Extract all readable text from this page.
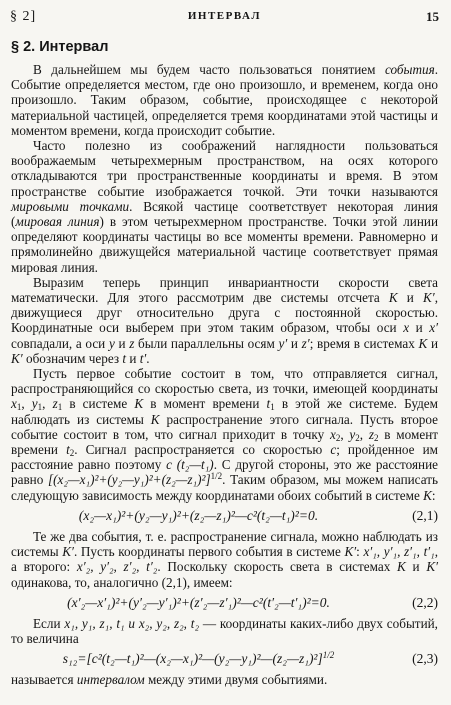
§ 2]	ИНТЕРВАЛ	15
§ 2. Интервал

В дальнейшем мы будем часто пользоваться понятием события. Событие определяется местом, где оно произошло, и временем, когда оно произошло. Таким образом, событие, происходящее с некоторой материальной частицей, определяется тремя координатами этой частицы и моментом времени, когда происходит событие.

Часто полезно из соображений наглядности пользоваться воображаемым четырехмерным пространством, на осях которого откладываются три пространственные координаты и время. В этом пространстве событие изображается точкой. Эти точки называются мировыми точками. Всякой частице соответствует некоторая линия (мировая линия) в этом четырехмерном пространстве. Точки этой линии определяют координаты частицы во все моменты времени. Равномерно и прямолинейно движущейся материальной частице соответствует прямая мировая линия.

Выразим теперь принцип инвариантности скорости света математически. Для этого рассмотрим две системы отсчета K и K′, движущиеся друг относительно друга с постоянной скоростью. Координатные оси выберем при этом таким образом, чтобы оси x и x′ совпадали, а оси y и z были параллельны осям y′ и z′; время в системах K и K′ обозначим через t и t′.

Пусть первое событие состоит в том, что отправляется сигнал, распространяющийся со скоростью света, из точки, имеющей координаты $x_1$, $y_1$, $z_1$ в системе K в момент времени $t_1$ в этой же системе. Будем наблюдать из системы K распространение этого сигнала. Пусть второе событие состоит в том, что сигнал приходит в точку $x_2$, $y_2$, $z_2$ в момент времени $t_2$. Сигнал распространяется со скоростью c; пройденное им расстояние равно поэтому c (t₂—t₁). С другой стороны, это же расстояние равно [(x₂—x₁)²+(y₂—y₁)²+(z₂—z₁)²]$^{1/2}$. Таким образом, мы можем написать следующую зависимость между координатами обоих событий в системе K:

(x₂—x₁)²+(y₂—y₁)²+(z₂—z₁)²—c²(t₂—t₁)²=0.	(2,1)

Те же два события, т. е. распространение сигнала, можно наблюдать из системы K′. Пусть координаты первого события в системе K′: x′₁, y′₁, z′₁, t′₁, а второго: x′₂, y′₂, z′₂, t′₂. Поскольку скорость света в системах K и K′ одинакова, то, аналогично (2,1), имеем:

(x′₂—x′₁)²+(y′₂—y′₁)²+(z′₂—z′₁)²—c²(t′₂—t′₁)²=0.	(2,2)

Если x₁, y₁, z₁, t₁ и x₂, y₂, z₂, t₂ — координаты каких-либо двух событий, то величина

s₁₂=[c²(t₂—t₁)²—(x₂—x₁)²—(y₂—y₁)²—(z₂—z₁)²]$^{1/2}$	(2,3)

называется интервалом между этими двумя событиями.
